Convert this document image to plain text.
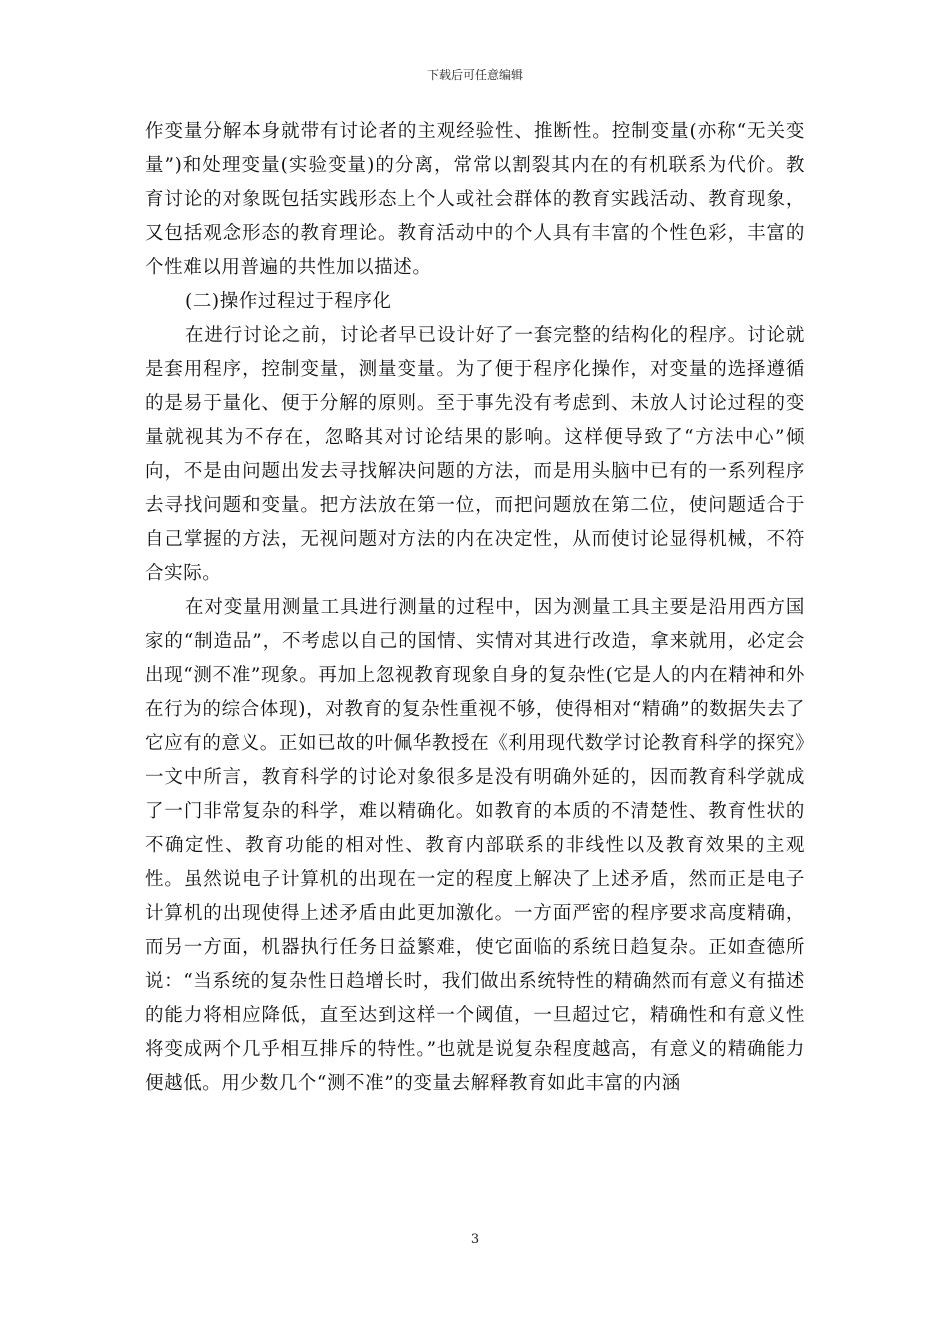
下载后可任意编辑

作变量分解本身就带有讨论者的主观经验性、推断性。控制变量(亦称“无关变量”)和处理变量(实验变量)的分离，常常以割裂其内在的有机联系为代价。教育讨论的对象既包括实践形态上个人或社会群体的教育实践活动、教育现象，又包括观念形态的教育理论。教育活动中的个人具有丰富的个性色彩，丰富的个性难以用普遍的共性加以描述。

(二)操作过程过于程序化

在进行讨论之前，讨论者早已设计好了一套完整的结构化的程序。讨论就是套用程序，控制变量，测量变量。为了便于程序化操作，对变量的选择遵循的是易于量化、便于分解的原则。至于事先没有考虑到、未放人讨论过程的变量就视其为不存在，忽略其对讨论结果的影响。这样便导致了“方法中心”倾向，不是由问题出发去寻找解决问题的方法，而是用头脑中已有的一系列程序去寻找问题和变量。把方法放在第一位，而把问题放在第二位，使问题适合于自己掌握的方法，无视问题对方法的内在决定性，从而使讨论显得机械，不符合实际。

在对变量用测量工具进行测量的过程中，因为测量工具主要是沿用西方国家的“制造品”，不考虑以自己的国情、实情对其进行改造，拿来就用，必定会出现“测不准”现象。再加上忽视教育现象自身的复杂性(它是人的内在精神和外在行为的综合体现)，对教育的复杂性重视不够，使得相对“精确”的数据失去了它应有的意义。正如已故的叶佩华教授在《利用现代数学讨论教育科学的探究》一文中所言，教育科学的讨论对象很多是没有明确外延的，因而教育科学就成了一门非常复杂的科学，难以精确化。如教育的本质的不清楚性、教育性状的不确定性、教育功能的相对性、教育内部联系的非线性以及教育效果的主观性。虽然说电子计算机的出现在一定的程度上解决了上述矛盾，然而正是电子计算机的出现使得上述矛盾由此更加激化。一方面严密的程序要求高度精确，而另一方面，机器执行任务日益繁难，使它面临的系统日趋复杂。正如查德所说：“当系统的复杂性日趋增长时，我们做出系统特性的精确然而有意义有描述的能力将相应降低，直至达到这样一个阈值，一旦超过它，精确性和有意义性将变成两个几乎相互排斥的特性。”也就是说复杂程度越高，有意义的精确能力便越低。用少数几个“测不准”的变量去解释教育如此丰富的内涵

3
